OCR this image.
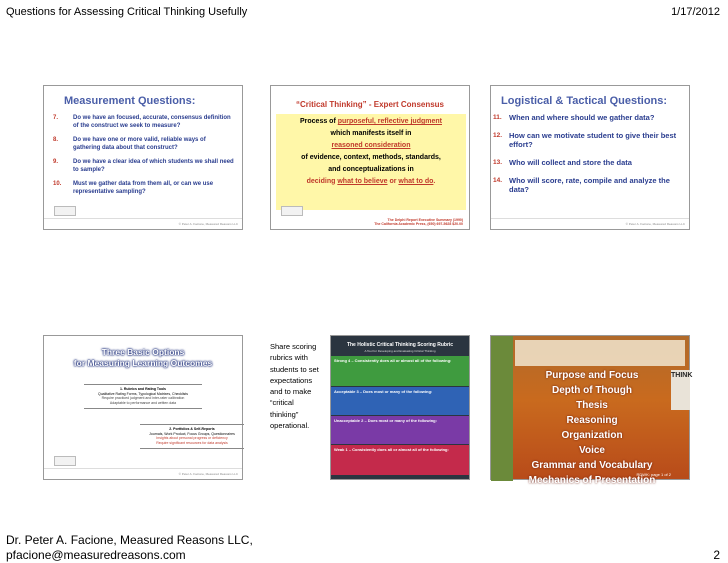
Questions for Assessing Critical Thinking Usefully	1/17/2012
Measurement Questions:
7. Do we have an focused, accurate, consensus definition of the construct we seek to measure?
8. Do we have one or more valid, reliable ways of gathering data about that construct?
9. Do we have a clear idea of which students we shall need to sample?
10. Must we gather data from them all, or can we use representative sampling?
© Peter A. Facione, Measured Reasons LLC
“Critical Thinking” - Expert Consensus
Process of purposeful, reflective judgment
which manifests itself in
reasoned consideration
of evidence, context, methods, standards,
and conceptualizations in
deciding what to believe or what to do.
The Delphi Report Executive Summary (1990)
The California Academic Press, (650) 697-5628 $20.00
Logistical & Tactical Questions:
11. When and where should we gather data?
12. How can we motivate student to give their best effort?
13. Who will collect and store the data
14. Who will score, rate, compile and analyze the data?
© Peter A. Facione, Measured Reasons LLC
Three Basic Options
for Measuring Learning Outcomes
1. Rubrics and Rating Tools
Qualitative Rating Forms, Typological Matrixes, Checklists
Require practiced judgment and inter-rater calibration
Adaptable to performance and written data
2. Portfolios & Self-Reports
Journals, Work Product, Focus Groups, Questionnaires
Insights about personal progress or deficiency
Require significant resources for data analysis
© Peter A. Facione, Measured Reasons LLC
Share scoring
rubrics with
students to set
expectations
and to make
“critical
thinking”
operational.
The Holistic Critical Thinking Scoring Rubric
A Tool for Developing and Evaluating Critical Thinking
Strong 4 – Consistently does all or almost all of the following:
Acceptable 3 – Does most or many of the following:
Unacceptable 2 – Does most or many of the following:
Weak 1 – Consistently does all or almost all of the following:
Purpose and Focus
Depth of Though
Thesis
Reasoning
Organization
Voice
Grammar and Vocabulary
Mechanics of Presentation
THINK
RDWK: page 1 of 2
Dr. Peter A. Facione, Measured Reasons LLC,
pfacione@measuredreasons.com	2
